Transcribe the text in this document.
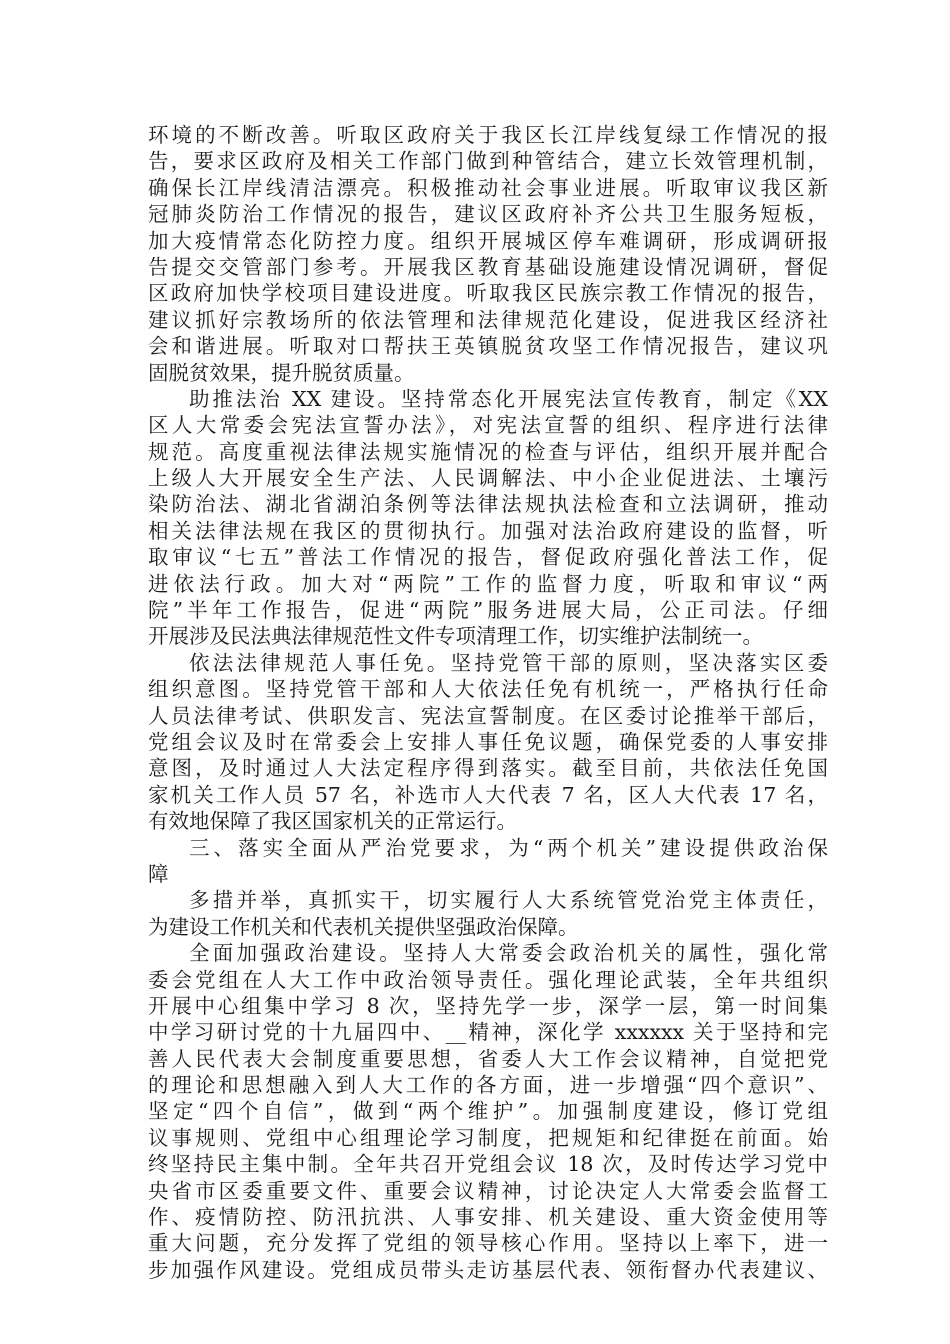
环境的不断改善。听取区政府关于我区长江岸线复绿工作情况的报
告，要求区政府及相关工作部门做到种管结合，建立长效管理机制，
确保长江岸线清洁漂亮。积极推动社会事业进展。听取审议我区新
冠肺炎防治工作情况的报告，建议区政府补齐公共卫生服务短板，
加大疫情常态化防控力度。组织开展城区停车难调研，形成调研报
告提交交管部门参考。开展我区教育基础设施建设情况调研，督促
区政府加快学校项目建设进度。听取我区民族宗教工作情况的报告，
建议抓好宗教场所的依法管理和法律规范化建设，促进我区经济社
会和谐进展。听取对口帮扶王英镇脱贫攻坚工作情况报告，建议巩
固脱贫效果，提升脱贫质量。
助推法治 XX 建设。坚持常态化开展宪法宣传教育，制定《XX
区人大常委会宪法宣誓办法》，对宪法宣誓的组织、程序进行法律
规范。高度重视法律法规实施情况的检查与评估，组织开展并配合
上级人大开展安全生产法、人民调解法、中小企业促进法、土壤污
染防治法、湖北省湖泊条例等法律法规执法检查和立法调研，推动
相关法律法规在我区的贯彻执行。加强对法治政府建设的监督，听
取审议“七五”普法工作情况的报告，督促政府强化普法工作，促
进依法行政。加大对“两院”工作的监督力度，听取和审议“两
院”半年工作报告，促进“两院”服务进展大局，公正司法。仔细
开展涉及民法典法律规范性文件专项清理工作，切实维护法制统一。
依法法律规范人事任免。坚持党管干部的原则，坚决落实区委
组织意图。坚持党管干部和人大依法任免有机统一，严格执行任命
人员法律考试、供职发言、宪法宣誓制度。在区委讨论推举干部后，
党组会议及时在常委会上安排人事任免议题，确保党委的人事安排
意图，及时通过人大法定程序得到落实。截至目前，共依法任免国
家机关工作人员 57 名，补选市人大代表 7 名，区人大代表 17 名，
有效地保障了我区国家机关的正常运行。
三、落实全面从严治党要求，为“两个机关”建设提供政治保
障
多措并举，真抓实干，切实履行人大系统管党治党主体责任，
为建设工作机关和代表机关提供坚强政治保障。
全面加强政治建设。坚持人大常委会政治机关的属性，强化常
委会党组在人大工作中政治领导责任。强化理论武装，全年共组织
开展中心组集中学习 8 次，坚持先学一步，深学一层，第一时间集
中学习研讨党的十九届四中、__精神，深化学 xxxxxx 关于坚持和完
善人民代表大会制度重要思想，省委人大工作会议精神，自觉把党
的理论和思想融入到人大工作的各方面，进一步增强“四个意识”、
坚定“四个自信”，做到“两个维护”。加强制度建设，修订党组
议事规则、党组中心组理论学习制度，把规矩和纪律挺在前面。始
终坚持民主集中制。全年共召开党组会议 18 次，及时传达学习党中
央省市区委重要文件、重要会议精神，讨论决定人大常委会监督工
作、疫情防控、防汛抗洪、人事安排、机关建设、重大资金使用等
重大问题，充分发挥了党组的领导核心作用。坚持以上率下，进一
步加强作风建设。党组成员带头走访基层代表、领衔督办代表建议、
